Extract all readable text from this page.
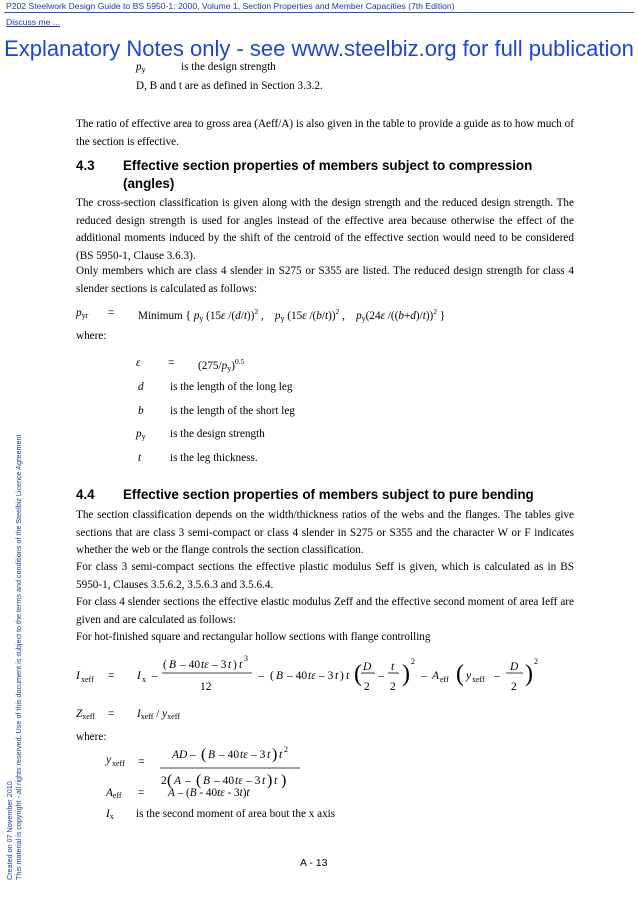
P202 Steelwork Design Guide to BS 5950-1: 2000, Volume 1, Section Properties and Member Capacities (7th Edition)
Discuss me ...
Explanatory Notes only - see www.steelbiz.org for full publication
Created on 07 November 2010 This material is copyright - all rights reserved. Use of this document is subject to the terms and conditions of the Steelbiz Licence Agreement
$p_y$	is the design strength
D, B and t are as defined in Section 3.3.2.
The ratio of effective area to gross area (Aeff/A) is also given in the table to provide a guide as to how much of the section is effective.
4.3 Effective section properties of members subject to compression
(angles)
The cross-section classification is given along with the design strength and the reduced design strength. The reduced design strength is used for angles instead of the effective area because otherwise the effect of the additional moments induced by the shift of the centroid of the effective section would need to be considered (BS 5950-1, Clause 3.6.3).
Only members which are class 4 slender in S275 or S355 are listed. The reduced design strength for class 4 slender sections is calculated as follows:
$p_{yr}$ = Minimum { $p_y$ (15ε /(d/t))$^2$ ,    $p_y$ (15ε /(b/t))$^2$ ,    $p_y(24\varepsilon$ /((b+d)/t))$^2$ }
where:
$\varepsilon = (275/p_y)^{0.5}$
d is the length of the long leg
b is the length of the short leg
$p_y$ is the design strength
t	is the leg thickness.
4.4 Effective section properties of members subject to pure bending
The section classification depends on the width/thickness ratios of the webs and the flanges. The tables give sections that are class 3 semi-compact or class 4 slender in S275 or S355 and the character W or F indicates whether the web or the flange controls the section classification.
For class 3 semi-compact sections the effective plastic modulus Seff is given, which is calculated as in BS 5950-1, Clauses 3.5.6.2, 3.5.6.3 and 3.5.6.4.
For class 4 slender sections the effective elastic modulus Zeff and the effective second moment of area Ieff are given and are calculated as follows:
For hot-finished square and rectangular hollow sections with flange controlling
I xeff = I x –
( B – 40 tε – 3 t ) t
3
12
– ( B – 40 tε – 3 t ) t ( D
2
–
t
2 ) 2
– A eff ( y xeff –
D
2 ) 2
$Z_{xeff} = I_{xeff} / y_{xeff}$
where:
y xeff =
AD – ( B – 40 tε – 3 t ) t 2
2 ( A – ( B – 40 tε – 3 t ) t )
$A_{eff} = A - (B - 40t\varepsilon - 3t)t$
$I_x$ is the second moment of area bout the x axis
A - 13
